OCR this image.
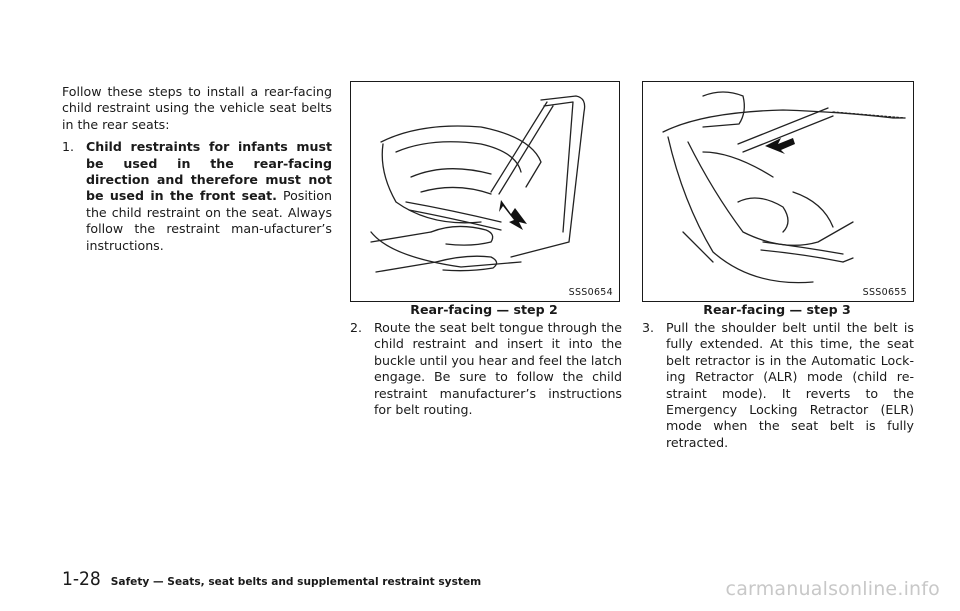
Follow these steps to install a rear-facing child restraint using the vehicle seat belts in the rear seats:

1. Child restraints for infants must be used in the rear-facing direction and therefore must not be used in the front seat. Position the child restraint on the seat. Always follow the restraint man-ufacturer’s instructions.
SSS0654
Rear-facing — step 2
SSS0655
Rear-facing — step 3
2. Route the seat belt tongue through the child restraint and insert it into the buckle until you hear and feel the latch engage. Be sure to follow the child restraint manufacturer’s instructions for belt routing.
3. Pull the shoulder belt until the belt is fully extended. At this time, the seat belt retractor is in the Automatic Lock-ing Retractor (ALR) mode (child re-straint mode). It reverts to the Emergency Locking Retractor (ELR) mode when the seat belt is fully retracted.
1-28 Safety — Seats, seat belts and supplemental restraint system	carmanualsonline.info
